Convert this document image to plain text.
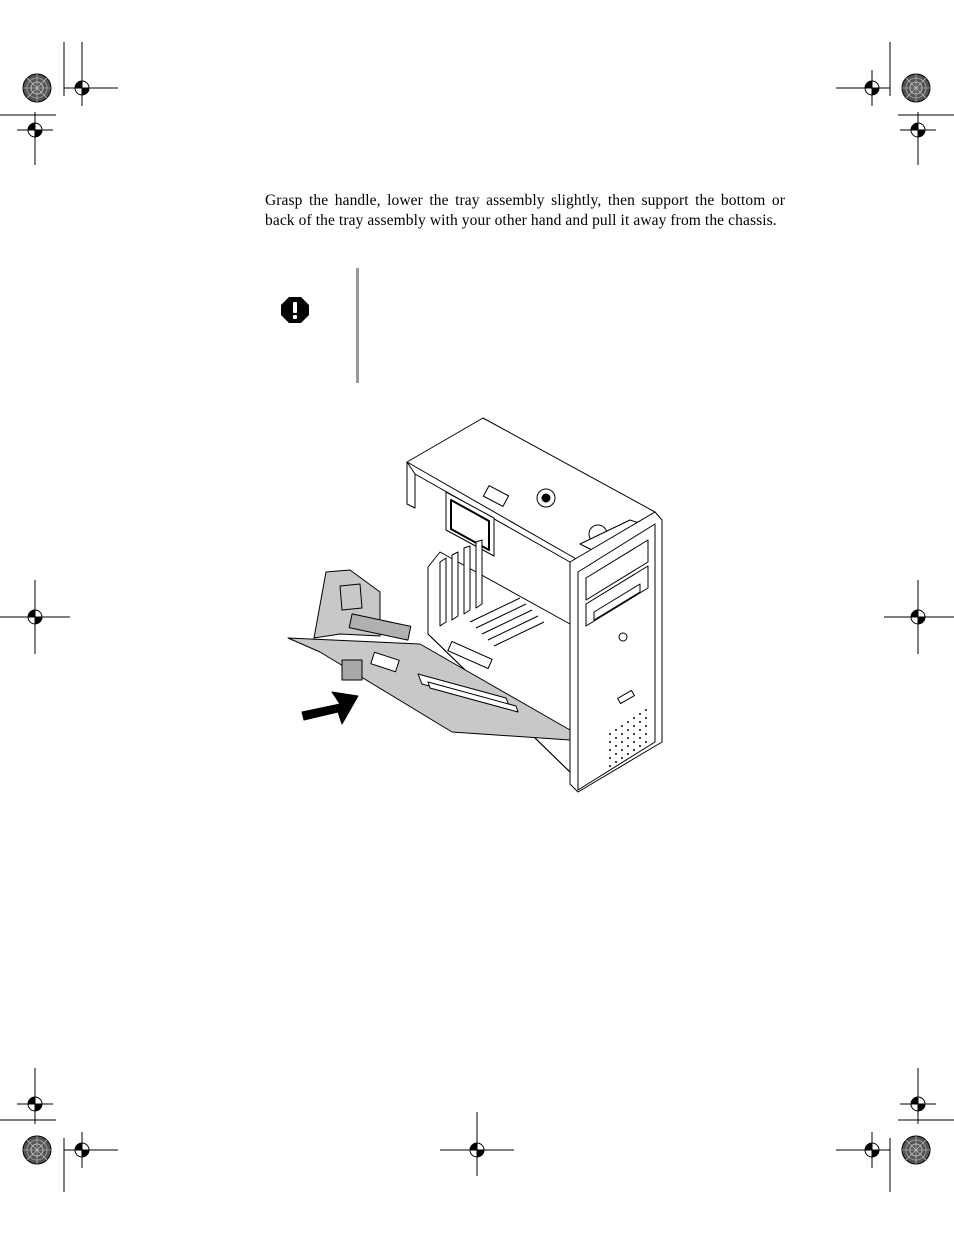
Grasp the handle, lower the tray assembly slightly, then support the bottom or back of the tray assembly with your other hand and pull it away from the chassis.
